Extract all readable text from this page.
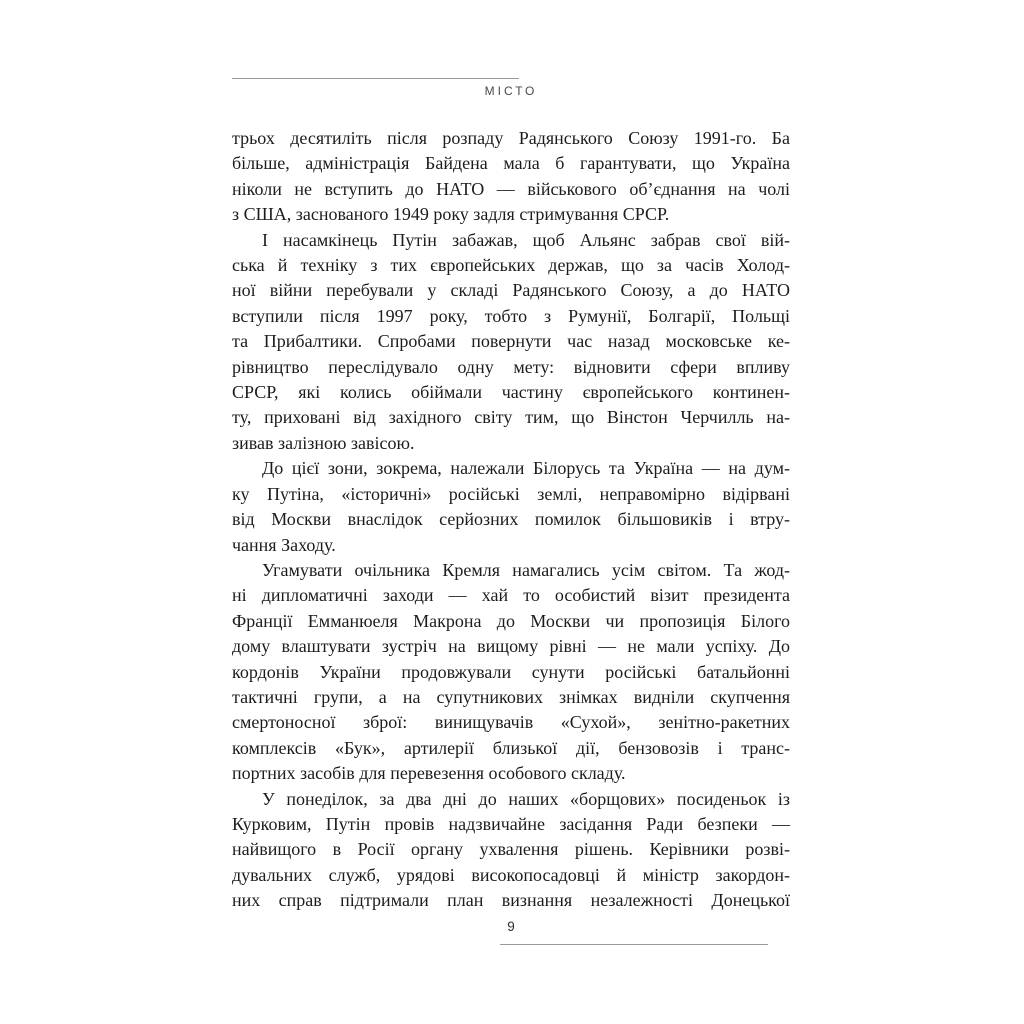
МІСТО
трьох десятиліть після розпаду Радянського Союзу 1991-го. Ба
більше, адміністрація Байдена мала б гарантувати, що Україна
ніколи не вступить до НАТО — військового об’єднання на чолі
з США, заснованого 1949 року задля стримування СРСР.
І насамкінець Путін забажав, щоб Альянс забрав свої вій-
ська й техніку з тих європейських держав, що за часів Холод-
ної війни перебували у складі Радянського Союзу, а до НАТО
вступили після 1997 року, тобто з Румунії, Болгарії, Польщі
та Прибалтики. Спробами повернути час назад московське ке-
рівництво переслідувало одну мету: відновити сфери впливу
СРСР, які колись обіймали частину європейського континен-
ту, приховані від західного світу тим, що Вінстон Черчилль на-
зивав залізною завісою.
До цієї зони, зокрема, належали Білорусь та Україна — на дум-
ку Путіна, «історичні» російські землі, неправомірно відірвані
від Москви внаслідок серйозних помилок більшовиків і втру-
чання Заходу.
Угамувати очільника Кремля намагались усім світом. Та жод-
ні дипломатичні заходи — хай то особистий візит президента
Франції Емманюеля Макрона до Москви чи пропозиція Білого
дому влаштувати зустріч на вищому рівні — не мали успіху. До
кордонів України продовжували сунути російські батальйонні
тактичні групи, а на супутникових знімках видніли скупчення
смертоносної зброї: винищувачів «Сухой», зенітно-ракетних
комплексів «Бук», артилерії близької дії, бензовозів і транс-
портних засобів для перевезення особового складу.
У понеділок, за два дні до наших «борщових» посиденьок із
Курковим, Путін провів надзвичайне засідання Ради безпеки —
найвищого в Росії органу ухвалення рішень. Керівники розві-
дувальних служб, урядові високопосадовці й міністр закордон-
них справ підтримали план визнання незалежності Донецької
9
